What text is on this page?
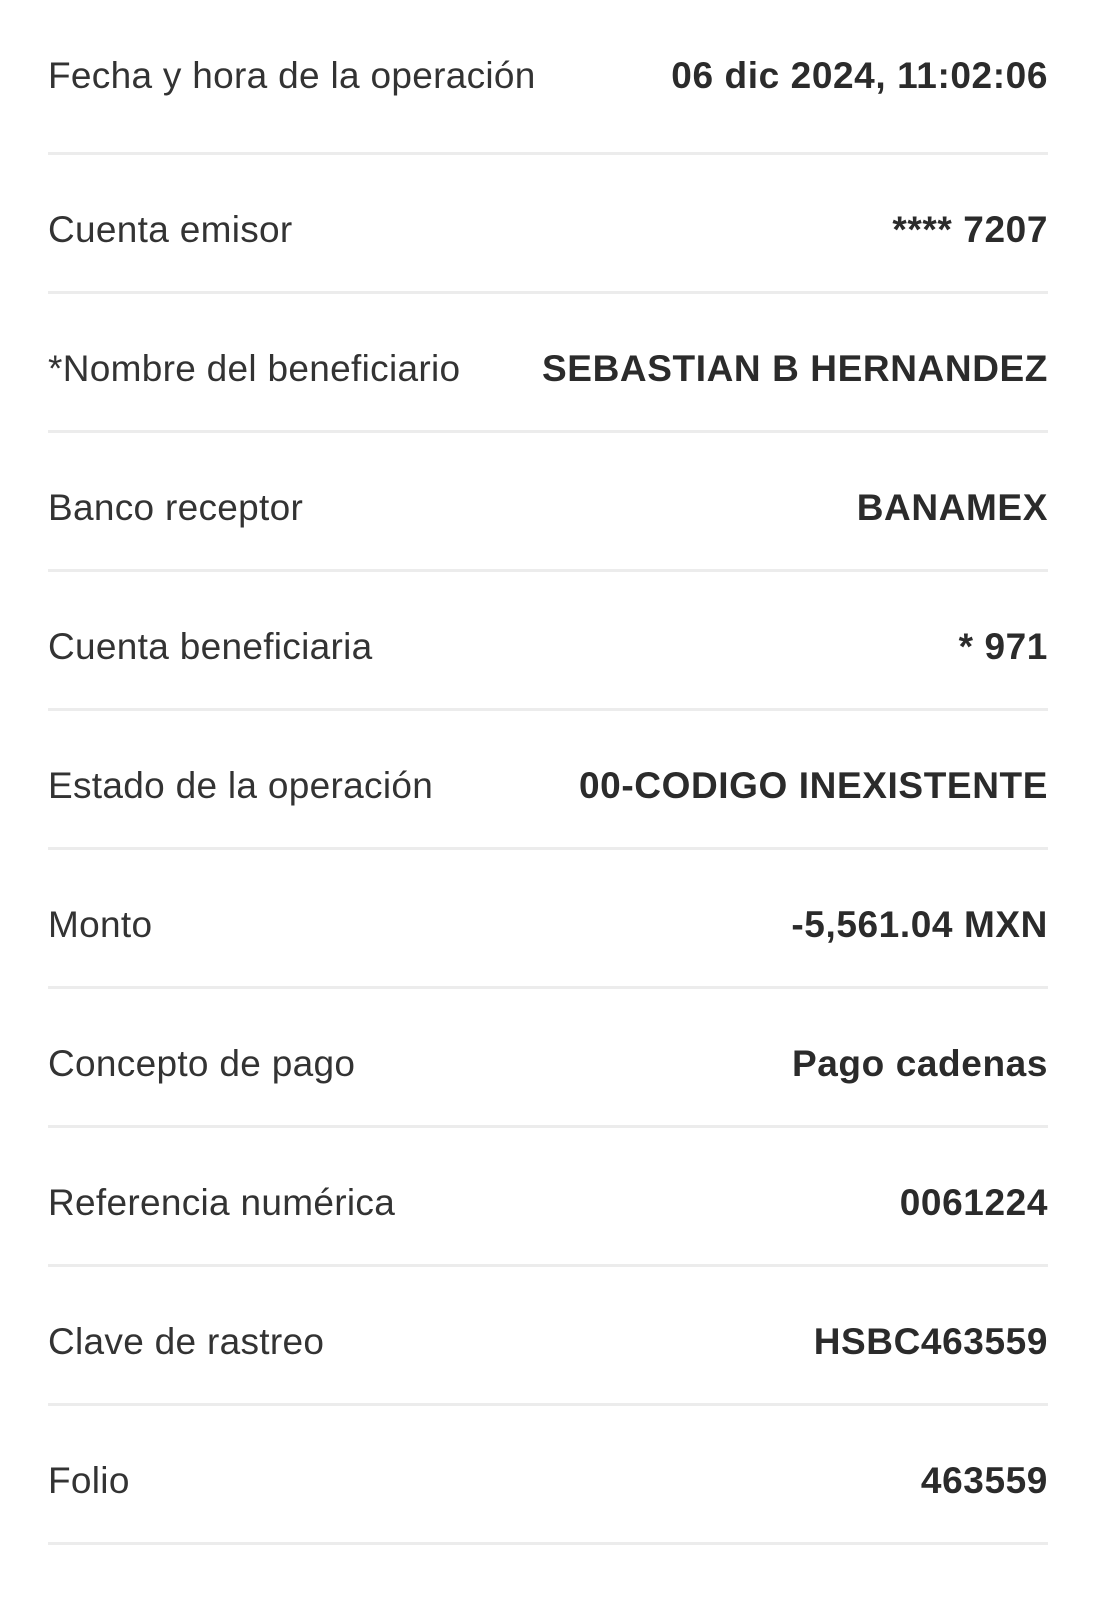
Fecha y hora de la operación	06 dic 2024, 11:02:06
Cuenta emisor	**** 7207
*Nombre del beneficiario SEBASTIAN B HERNANDEZ
Banco receptor	BANAMEX
Cuenta beneficiaria	* 971
Estado de la operación	00-CODIGO INEXISTENTE
Monto	-5,561.04 MXN
Concepto de pago	Pago cadenas
Referencia numérica	0061224
Clave de rastreo	HSBC463559
Folio	463559
